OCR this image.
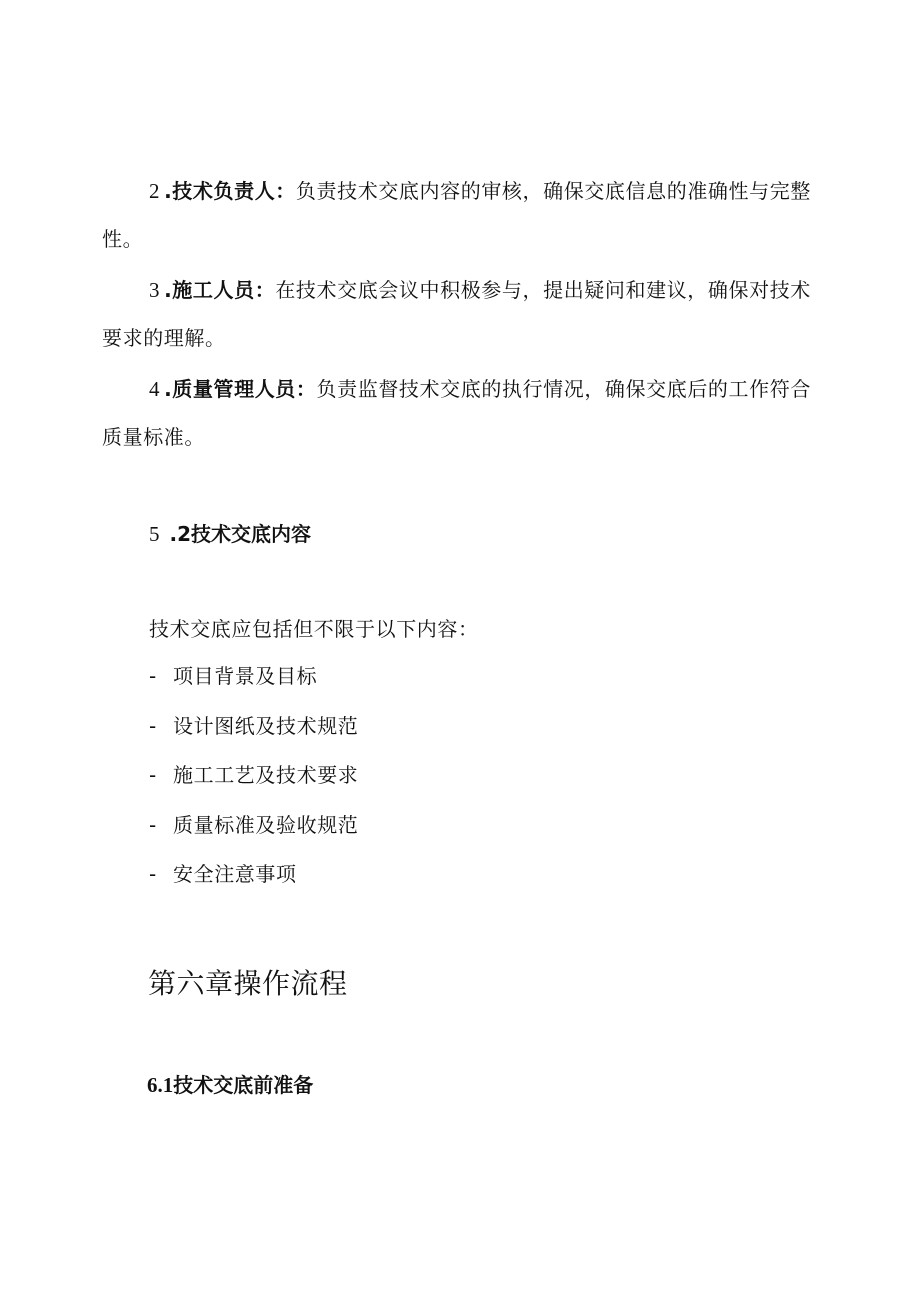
2 .技术负责人：负责技术交底内容的审核，确保交底信息的准确性与完整性。

3 .施工人员：在技术交底会议中积极参与，提出疑问和建议，确保对技术要求的理解。

4 .质量管理人员：负责监督技术交底的执行情况，确保交底后的工作符合质量标准。

5  .2技术交底内容

技术交底应包括但不限于以下内容：

- 项目背景及目标
- 设计图纸及技术规范
- 施工工艺及技术要求
- 质量标准及验收规范
- 安全注意事项
第六章操作流程
6.1技术交底前准备
